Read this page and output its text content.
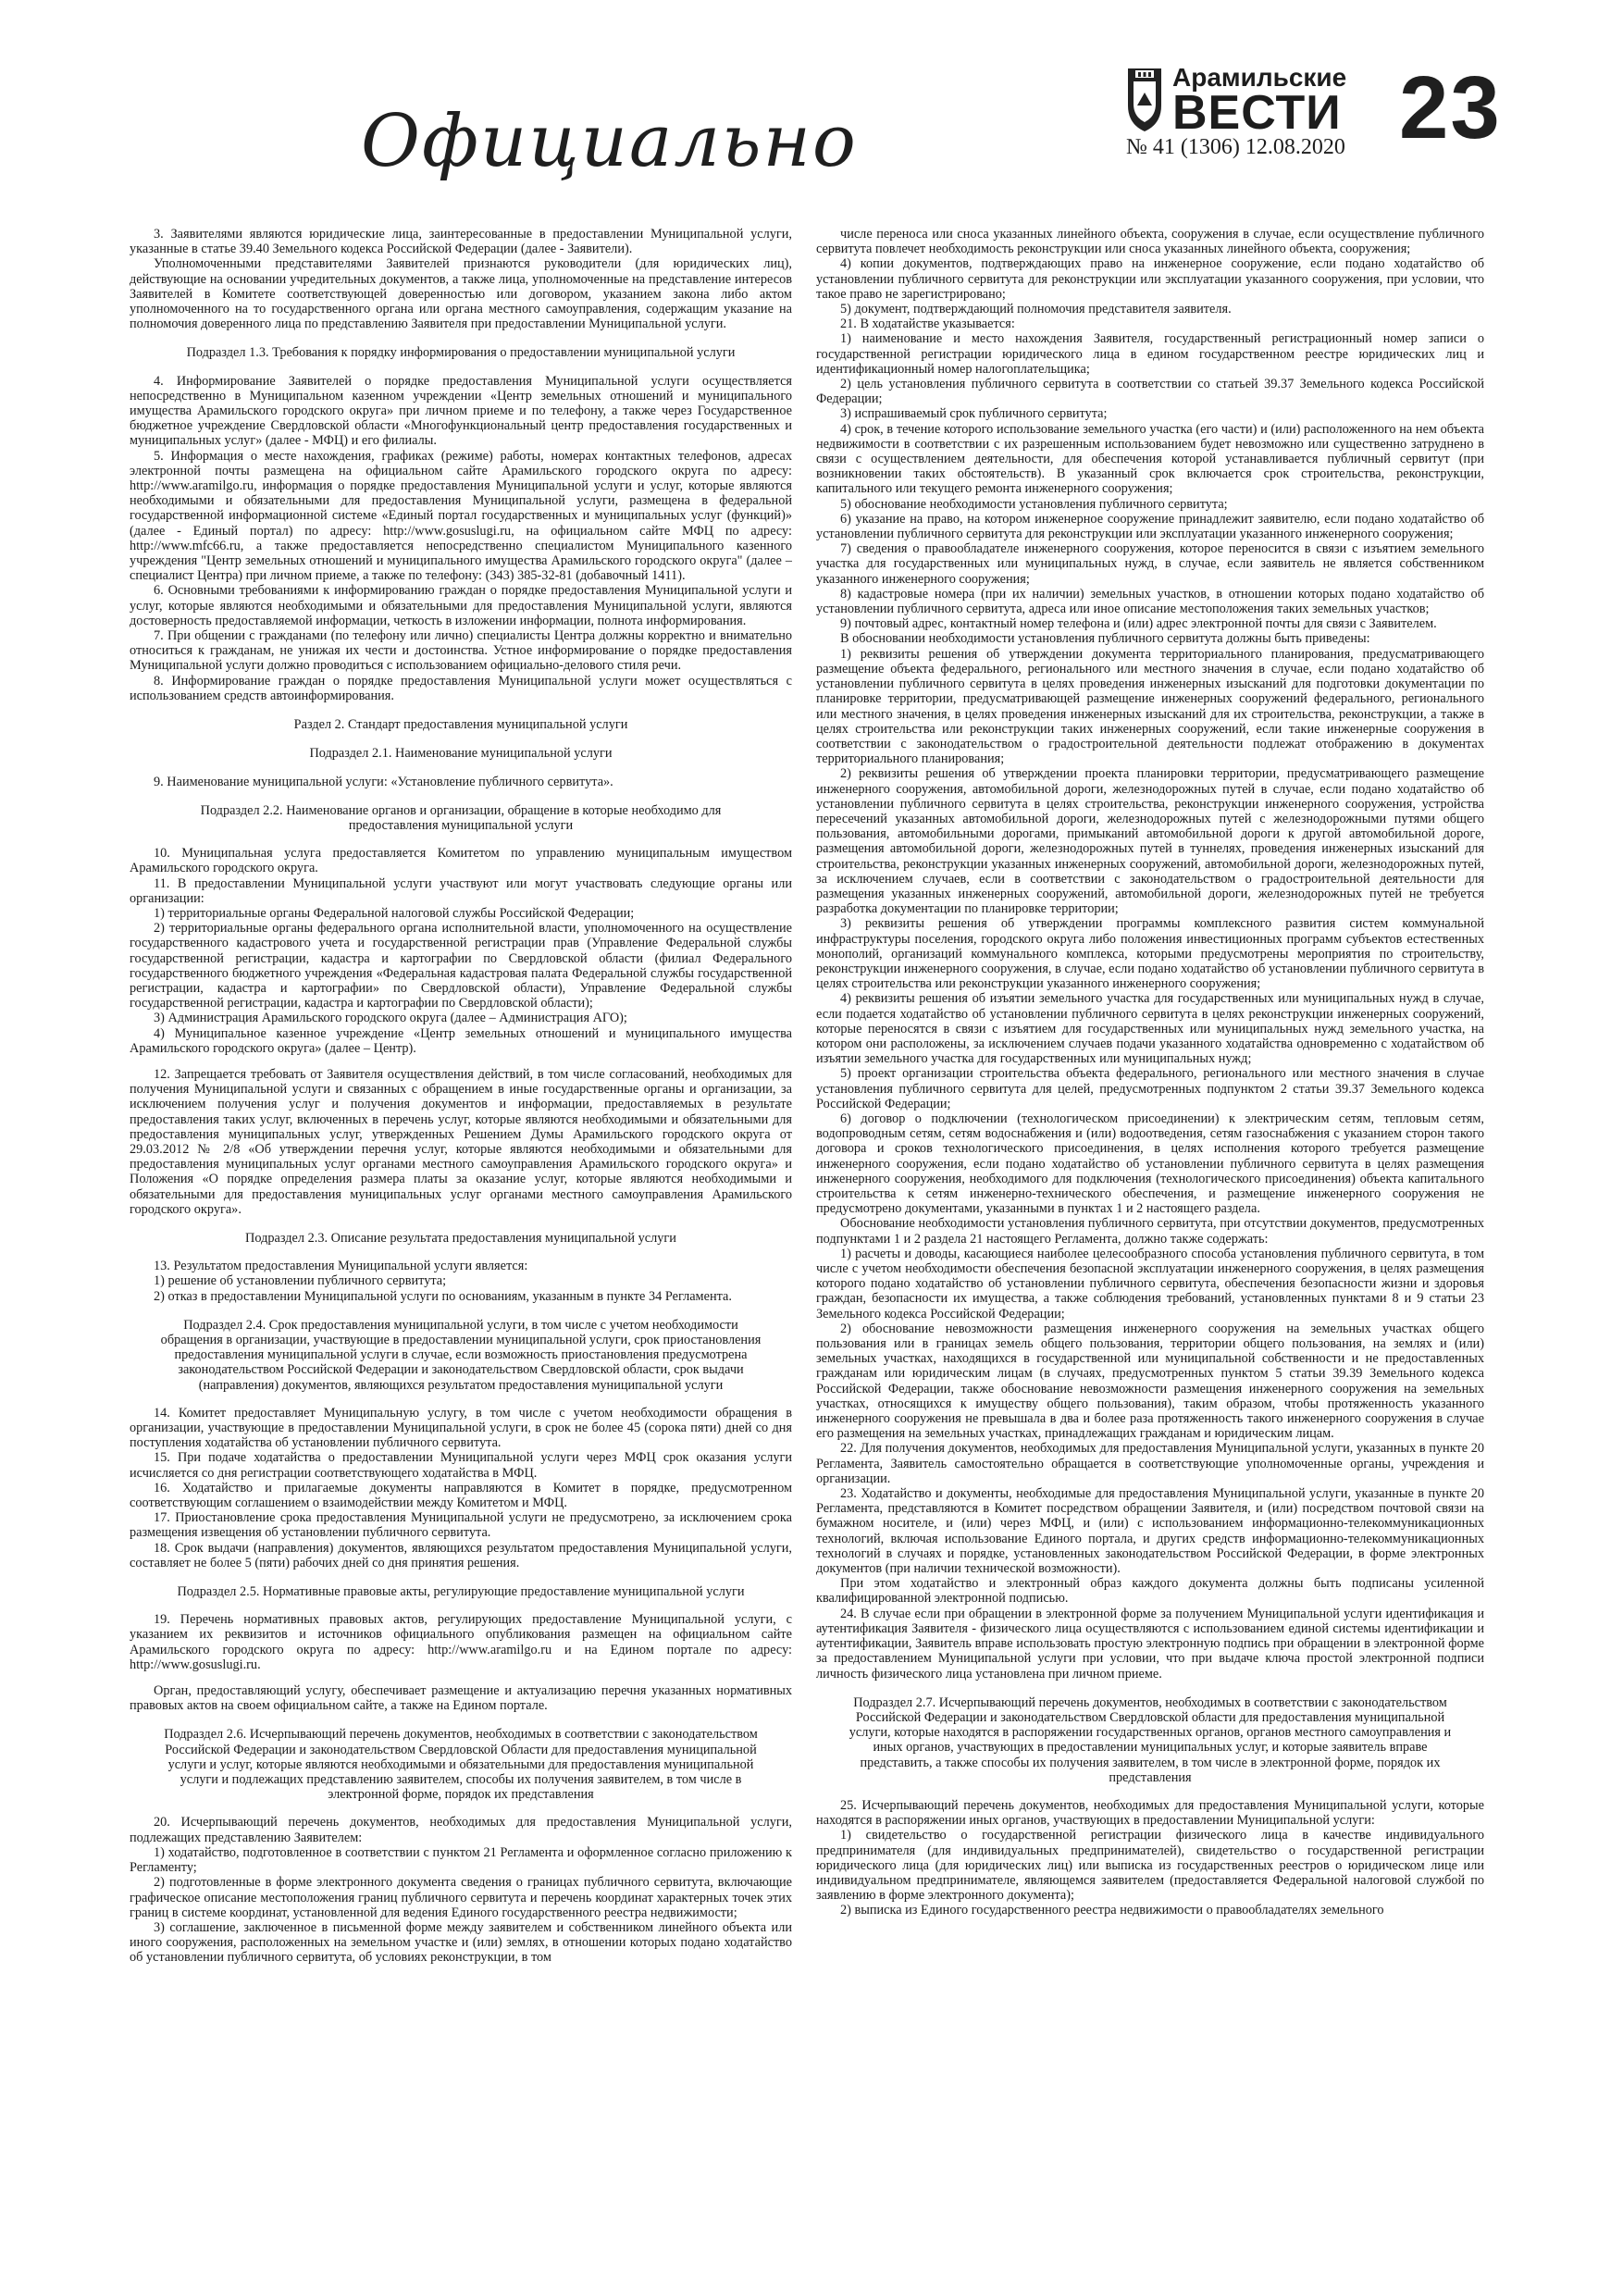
Официально
Арамильские
ВЕСТИ
№ 41 (1306) 12.08.2020 23

3. Заявителями являются юридические лица, заинтересованные в предоставлении Муниципальной услуги, указанные в статье 39.40 Земельного кодекса Российской Федерации (далее - Заявители).

Уполномоченными представителями Заявителей признаются руководители (для юридических лиц), действующие на основании учредительных документов, а также лица, уполномоченные на представление интересов Заявителей в Комитете соответствующей доверенностью или договором, указанием закона либо актом уполномоченного на то государственного органа или органа местного самоуправления, содержащим указание на полномочия доверенного лица по представлению Заявителя при предоставлении Муниципальной услуги.

Подраздел 1.3. Требования к порядку информирования о предоставлении муниципальной услуги

4. Информирование Заявителей о порядке предоставления Муниципальной услуги осуществляется непосредственно в Муниципальном казенном учреждении «Центр земельных отношений и муниципального имущества Арамильского городского округа» при личном приеме и по телефону, а также через Государственное бюджетное учреждение Свердловской области «Многофункциональный центр предоставления государственных и муниципальных услуг» (далее - МФЦ) и его филиалы.

5. Информация о месте нахождения, графиках (режиме) работы, номерах контактных телефонов, адресах электронной почты размещена на официальном сайте Арамильского городского округа по адресу: http://www.aramilgo.ru, информация о порядке предоставления Муниципальной услуги и услуг, которые являются необходимыми и обязательными для предоставления Муниципальной услуги, размещена в федеральной государственной информационной системе «Единый портал государственных и муниципальных услуг (функций)» (далее - Единый портал) по адресу: http://www.gosuslugi.ru, на официальном сайте МФЦ по адресу: http://www.mfc66.ru, а также предоставляется непосредственно специалистом Муниципального казенного учреждения "Центр земельных отношений и муниципального имущества Арамильского городского округа" (далее – специалист Центра) при личном приеме, а также по телефону: (343) 385-32-81 (добавочный 1411).

6. Основными требованиями к информированию граждан о порядке предоставления Муниципальной услуги и услуг, которые являются необходимыми и обязательными для предоставления Муниципальной услуги, являются достоверность предоставляемой информации, четкость в изложении информации, полнота информирования.

7. При общении с гражданами (по телефону или лично) специалисты Центра должны корректно и внимательно относиться к гражданам, не унижая их чести и достоинства. Устное информирование о порядке предоставления Муниципальной услуги должно проводиться с использованием официально-делового стиля речи.

8. Информирование граждан о порядке предоставления Муниципальной услуги может осуществляться с использованием средств автоинформирования.

Раздел 2. Стандарт предоставления муниципальной услуги

Подраздел 2.1. Наименование муниципальной услуги

9. Наименование муниципальной услуги: «Установление публичного сервитута».

Подраздел 2.2. Наименование органов и организации, обращение в которые необходимо для предоставления муниципальной услуги

10. Муниципальная услуга предоставляется Комитетом по управлению муниципальным имуществом Арамильского городского округа.

11. В предоставлении Муниципальной услуги участвуют или могут участвовать следующие органы или организации:

1) территориальные органы Федеральной налоговой службы Российской Федерации;

2) территориальные органы федерального органа исполнительной власти, уполномоченного на осуществление государственного кадастрового учета и государственной регистрации прав (Управление Федеральной службы государственной регистрации, кадастра и картографии по Свердловской области (филиал Федерального государственного бюджетного учреждения «Федеральная кадастровая палата Федеральной службы государственной регистрации, кадастра и картографии» по Свердловской области), Управление Федеральной службы государственной регистрации, кадастра и картографии по Свердловской области);

3) Администрация Арамильского городского округа (далее – Администрация АГО);

4) Муниципальное казенное учреждение «Центр земельных отношений и муниципального имущества Арамильского городского округа» (далее – Центр).

12. Запрещается требовать от Заявителя осуществления действий, в том числе согласований, необходимых для получения Муниципальной услуги и связанных с обращением в иные государственные органы и организации, за исключением получения услуг и получения документов и информации, предоставляемых в результате предоставления таких услуг, включенных в перечень услуг, которые являются необходимыми и обязательными для предоставления муниципальных услуг, утвержденных Решением Думы Арамильского городского округа от 29.03.2012 № 2/8 «Об утверждении перечня услуг, которые являются необходимыми и обязательными для предоставления муниципальных услуг органами местного самоуправления Арамильского городского округа» и Положения «О порядке определения размера платы за оказание услуг, которые являются необходимыми и обязательными для предоставления муниципальных услуг органами местного самоуправления Арамильского городского округа».

Подраздел 2.3. Описание результата предоставления муниципальной услуги

13. Результатом предоставления Муниципальной услуги является:

1) решение об установлении публичного сервитута;

2) отказ в предоставлении Муниципальной услуги по основаниям, указанным в пункте 34 Регламента.

Подраздел 2.4. Срок предоставления муниципальной услуги, в том числе с учетом необходимости обращения в организации, участвующие в предоставлении муниципальной услуги, срок приостановления предоставления муниципальной услуги в случае, если возможность приостановления предусмотрена законодательством Российской Федерации и законодательством Свердловской области, срок выдачи (направления) документов, являющихся результатом предоставления муниципальной услуги

14. Комитет предоставляет Муниципальную услугу, в том числе с учетом необходимости обращения в организации, участвующие в предоставлении Муниципальной услуги, в срок не более 45 (сорока пяти) дней со дня поступления ходатайства об установлении публичного сервитута.

15. При подаче ходатайства о предоставлении Муниципальной услуги через МФЦ срок оказания услуги исчисляется со дня регистрации соответствующего ходатайства в МФЦ.

16. Ходатайство и прилагаемые документы направляются в Комитет в порядке, предусмотренном соответствующим соглашением о взаимодействии между Комитетом и МФЦ.

17. Приостановление срока предоставления Муниципальной услуги не предусмотрено, за исключением срока размещения извещения об установлении публичного сервитута.

18. Срок выдачи (направления) документов, являющихся результатом предоставления Муниципальной услуги, составляет не более 5 (пяти) рабочих дней со дня принятия решения.

Подраздел 2.5. Нормативные правовые акты, регулирующие предоставление муниципальной услуги

19. Перечень нормативных правовых актов, регулирующих предоставление Муниципальной услуги, с указанием их реквизитов и источников официального опубликования размещен на официальном сайте Арамильского городского округа по адресу: http://www.aramilgo.ru и на Едином портале по адресу: http://www.gosuslugi.ru.

Орган, предоставляющий услугу, обеспечивает размещение и актуализацию перечня указанных нормативных правовых актов на своем официальном сайте, а также на Едином портале.

Подраздел 2.6. Исчерпывающий перечень документов, необходимых в соответствии с законодательством Российской Федерации и законодательством Свердловской Области для предоставления муниципальной услуги и услуг, которые являются необходимыми и обязательными для предоставления муниципальной услуги и подлежащих представлению заявителем, способы их получения заявителем, в том числе в электронной форме, порядок их представления

20. Исчерпывающий перечень документов, необходимых для предоставления Муниципальной услуги, подлежащих представлению Заявителем:

1) ходатайство, подготовленное в соответствии с пунктом 21 Регламента и оформленное согласно приложению к Регламенту;

2) подготовленные в форме электронного документа сведения о границах публичного сервитута, включающие графическое описание местоположения границ публичного сервитута и перечень координат характерных точек этих границ в системе координат, установленной для ведения Единого государственного реестра недвижимости;

3) соглашение, заключенное в письменной форме между заявителем и собственником линейного объекта или иного сооружения, расположенных на земельном участке и (или) землях, в отношении которых подано ходатайство об установлении публичного сервитута, об условиях реконструкции, в том

числе переноса или сноса указанных линейного объекта, сооружения в случае, если осуществление публичного сервитута повлечет необходимость реконструкции или сноса указанных линейного объекта, сооружения;

4) копии документов, подтверждающих право на инженерное сооружение, если подано ходатайство об установлении публичного сервитута для реконструкции или эксплуатации указанного сооружения, при условии, что такое право не зарегистрировано;

5) документ, подтверждающий полномочия представителя заявителя.

21. В ходатайстве указывается:

1) наименование и место нахождения Заявителя, государственный регистрационный номер записи о государственной регистрации юридического лица в едином государственном реестре юридических лиц и идентификационный номер налогоплательщика;

2) цель установления публичного сервитута в соответствии со статьей 39.37 Земельного кодекса Российской Федерации;

3) испрашиваемый срок публичного сервитута;

4) срок, в течение которого использование земельного участка (его части) и (или) расположенного на нем объекта недвижимости в соответствии с их разрешенным использованием будет невозможно или существенно затруднено в связи с осуществлением деятельности, для обеспечения которой устанавливается публичный сервитут (при возникновении таких обстоятельств). В указанный срок включается срок строительства, реконструкции, капитального или текущего ремонта инженерного сооружения;

5) обоснование необходимости установления публичного сервитута;

6) указание на право, на котором инженерное сооружение принадлежит заявителю, если подано ходатайство об установлении публичного сервитута для реконструкции или эксплуатации указанного инженерного сооружения;

7) сведения о правообладателе инженерного сооружения, которое переносится в связи с изъятием земельного участка для государственных или муниципальных нужд, в случае, если заявитель не является собственником указанного инженерного сооружения;

8) кадастровые номера (при их наличии) земельных участков, в отношении которых подано ходатайство об установлении публичного сервитута, адреса или иное описание местоположения таких земельных участков;

9) почтовый адрес, контактный номер телефона и (или) адрес электронной почты для связи с Заявителем.

В обосновании необходимости установления публичного сервитута должны быть приведены:

1) реквизиты решения об утверждении документа территориального планирования, предусматривающего размещение объекта федерального, регионального или местного значения в случае, если подано ходатайство об установлении публичного сервитута в целях проведения инженерных изысканий для подготовки документации по планировке территории, предусматривающей размещение инженерных сооружений федерального, регионального или местного значения, в целях проведения инженерных изысканий для их строительства, реконструкции, а также в целях строительства или реконструкции таких инженерных сооружений, если такие инженерные сооружения в соответствии с законодательством о градостроительной деятельности подлежат отображению в документах территориального планирования;

2) реквизиты решения об утверждении проекта планировки территории, предусматривающего размещение инженерного сооружения, автомобильной дороги, железнодорожных путей в случае, если подано ходатайство об установлении публичного сервитута в целях строительства, реконструкции инженерного сооружения, устройства пересечений указанных автомобильной дороги, железнодорожных путей с железнодорожными путями общего пользования, автомобильными дорогами, примыканий автомобильной дороги к другой автомобильной дороге, размещения автомобильной дороги, железнодорожных путей в туннелях, проведения инженерных изысканий для строительства, реконструкции указанных инженерных сооружений, автомобильной дороги, железнодорожных путей, за исключением случаев, если в соответствии с законодательством о градостроительной деятельности для размещения указанных инженерных сооружений, автомобильной дороги, железнодорожных путей не требуется разработка документации по планировке территории;

3) реквизиты решения об утверждении программы комплексного развития систем коммунальной инфраструктуры поселения, городского округа либо положения инвестиционных программ субъектов естественных монополий, организаций коммунального комплекса, которыми предусмотрены мероприятия по строительству, реконструкции инженерного сооружения, в случае, если подано ходатайство об установлении публичного сервитута в целях строительства или реконструкции указанного инженерного сооружения;

4) реквизиты решения об изъятии земельного участка для государственных или муниципальных нужд в случае, если подается ходатайство об установлении публичного сервитута в целях реконструкции инженерных сооружений, которые переносятся в связи с изъятием для государственных или муниципальных нужд земельного участка, на котором они расположены, за исключением случаев подачи указанного ходатайства одновременно с ходатайством об изъятии земельного участка для государственных или муниципальных нужд;

5) проект организации строительства объекта федерального, регионального или местного значения в случае установления публичного сервитута для целей, предусмотренных подпунктом 2 статьи 39.37 Земельного кодекса Российской Федерации;

6) договор о подключении (технологическом присоединении) к электрическим сетям, тепловым сетям, водопроводным сетям, сетям водоснабжения и (или) водоотведения, сетям газоснабжения с указанием сторон такого договора и сроков технологического присоединения, в целях исполнения которого требуется размещение инженерного сооружения, если подано ходатайство об установлении публичного сервитута в целях размещения инженерного сооружения, необходимого для подключения (технологического присоединения) объекта капитального строительства к сетям инженерно-технического обеспечения, и размещение инженерного сооружения не предусмотрено документами, указанными в пунктах 1 и 2 настоящего раздела.

Обоснование необходимости установления публичного сервитута, при отсутствии документов, предусмотренных подпунктами 1 и 2 раздела 21 настоящего Регламента, должно также содержать:

1) расчеты и доводы, касающиеся наиболее целесообразного способа установления публичного сервитута, в том числе с учетом необходимости обеспечения безопасной эксплуатации инженерного сооружения, в целях размещения которого подано ходатайство об установлении публичного сервитута, обеспечения безопасности жизни и здоровья граждан, безопасности их имущества, а также соблюдения требований, установленных пунктами 8 и 9 статьи 23 Земельного кодекса Российской Федерации;

2) обоснование невозможности размещения инженерного сооружения на земельных участках общего пользования или в границах земель общего пользования, территории общего пользования, на землях и (или) земельных участках, находящихся в государственной или муниципальной собственности и не предоставленных гражданам или юридическим лицам (в случаях, предусмотренных пунктом 5 статьи 39.39 Земельного кодекса Российской Федерации, также обоснование невозможности размещения инженерного сооружения на земельных участках, относящихся к имуществу общего пользования), таким образом, чтобы протяженность указанного инженерного сооружения не превышала в два и более раза протяженность такого инженерного сооружения в случае его размещения на земельных участках, принадлежащих гражданам и юридическим лицам.

22. Для получения документов, необходимых для предоставления Муниципальной услуги, указанных в пункте 20 Регламента, Заявитель самостоятельно обращается в соответствующие уполномоченные органы, учреждения и организации.

23. Ходатайство и документы, необходимые для предоставления Муниципальной услуги, указанные в пункте 20 Регламента, представляются в Комитет посредством обращении Заявителя, и (или) посредством почтовой связи на бумажном носителе, и (или) через МФЦ, и (или) с использованием информационно-телекоммуникационных технологий, включая использование Единого портала, и других средств информационно-телекоммуникационных технологий в случаях и порядке, установленных законодательством Российской Федерации, в форме электронных документов (при наличии технической возможности).

При этом ходатайство и электронный образ каждого документа должны быть подписаны усиленной квалифицированной электронной подписью.

24. В случае если при обращении в электронной форме за получением Муниципальной услуги идентификация и аутентификация Заявителя - физического лица осуществляются с использованием единой системы идентификации и аутентификации, Заявитель вправе использовать простую электронную подпись при обращении в электронной форме за предоставлением Муниципальной услуги при условии, что при выдаче ключа простой электронной подписи личность физического лица установлена при личном приеме.

Подраздел 2.7. Исчерпывающий перечень документов, необходимых в соответствии с законодательством Российской Федерации и законодательством Свердловской области для предоставления муниципальной услуги, которые находятся в распоряжении государственных органов, органов местного самоуправления и иных органов, участвующих в предоставлении муниципальных услуг, и которые заявитель вправе представить, а также способы их получения заявителем, в том числе в электронной форме, порядок их представления

25. Исчерпывающий перечень документов, необходимых для предоставления Муниципальной услуги, которые находятся в распоряжении иных органов, участвующих в предоставлении Муниципальной услуги:

1) свидетельство о государственной регистрации физического лица в качестве индивидуального предпринимателя (для индивидуальных предпринимателей), свидетельство о государственной регистрации юридического лица (для юридических лиц) или выписка из государственных реестров о юридическом лице или индивидуальном предпринимателе, являющемся заявителем (предоставляется Федеральной налоговой службой по заявлению в форме электронного документа);

2) выписка из Единого государственного реестра недвижимости о правообладателях земельного
